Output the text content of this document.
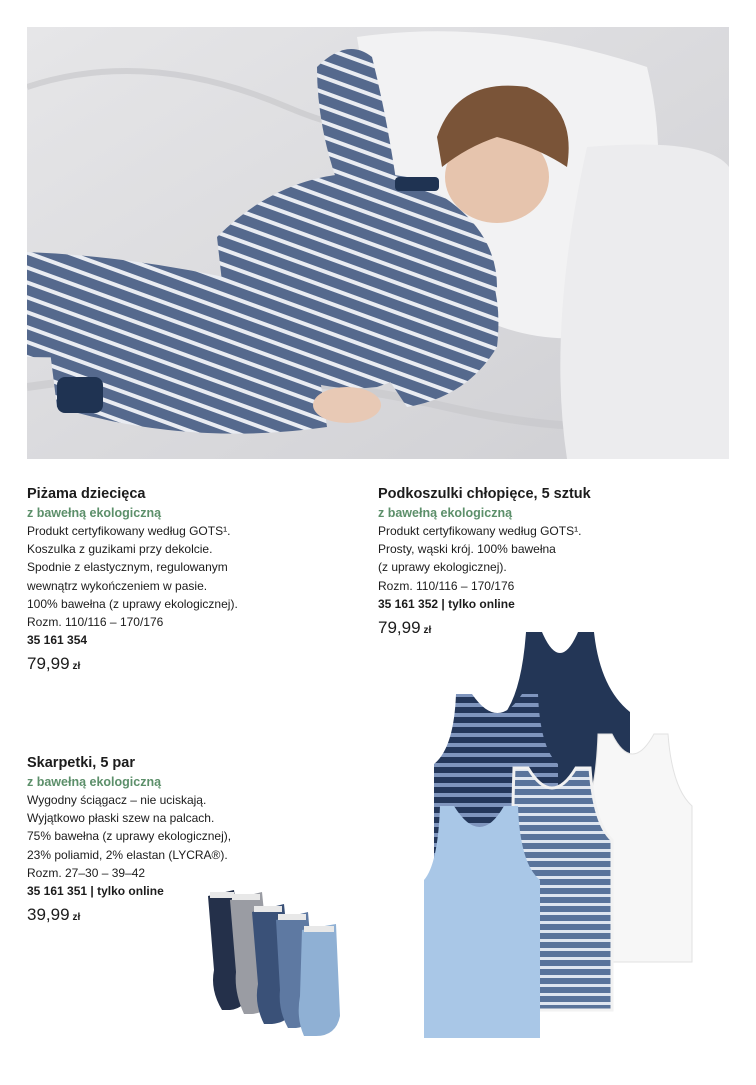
Piżama dziecięca
z bawełną ekologiczną
Produkt certyfikowany według GOTS¹.
Koszulka z guzikami przy dekolcie.
Spodnie z elastycznym, regulowanym
wewnątrz wykończeniem w pasie.
100% bawełna (z uprawy ekologicznej).
Rozm. 110/116 – 170/176
35 161 354
79,99 zł
Podkoszulki chłopięce, 5 sztuk
z bawełną ekologiczną
Produkt certyfikowany według GOTS¹.
Prosty, wąski krój. 100% bawełna
(z uprawy ekologicznej).
Rozm. 110/116 – 170/176
35 161 352 | tylko online
79,99 zł
Skarpetki, 5 par
z bawełną ekologiczną
Wygodny ściągacz – nie uciskają.
Wyjątkowo płaski szew na palcach.
75% bawełna (z uprawy ekologicznej),
23% poliamid, 2% elastan (LYCRA®).
Rozm. 27–30 – 39–42
35 161 351 | tylko online
39,99 zł
